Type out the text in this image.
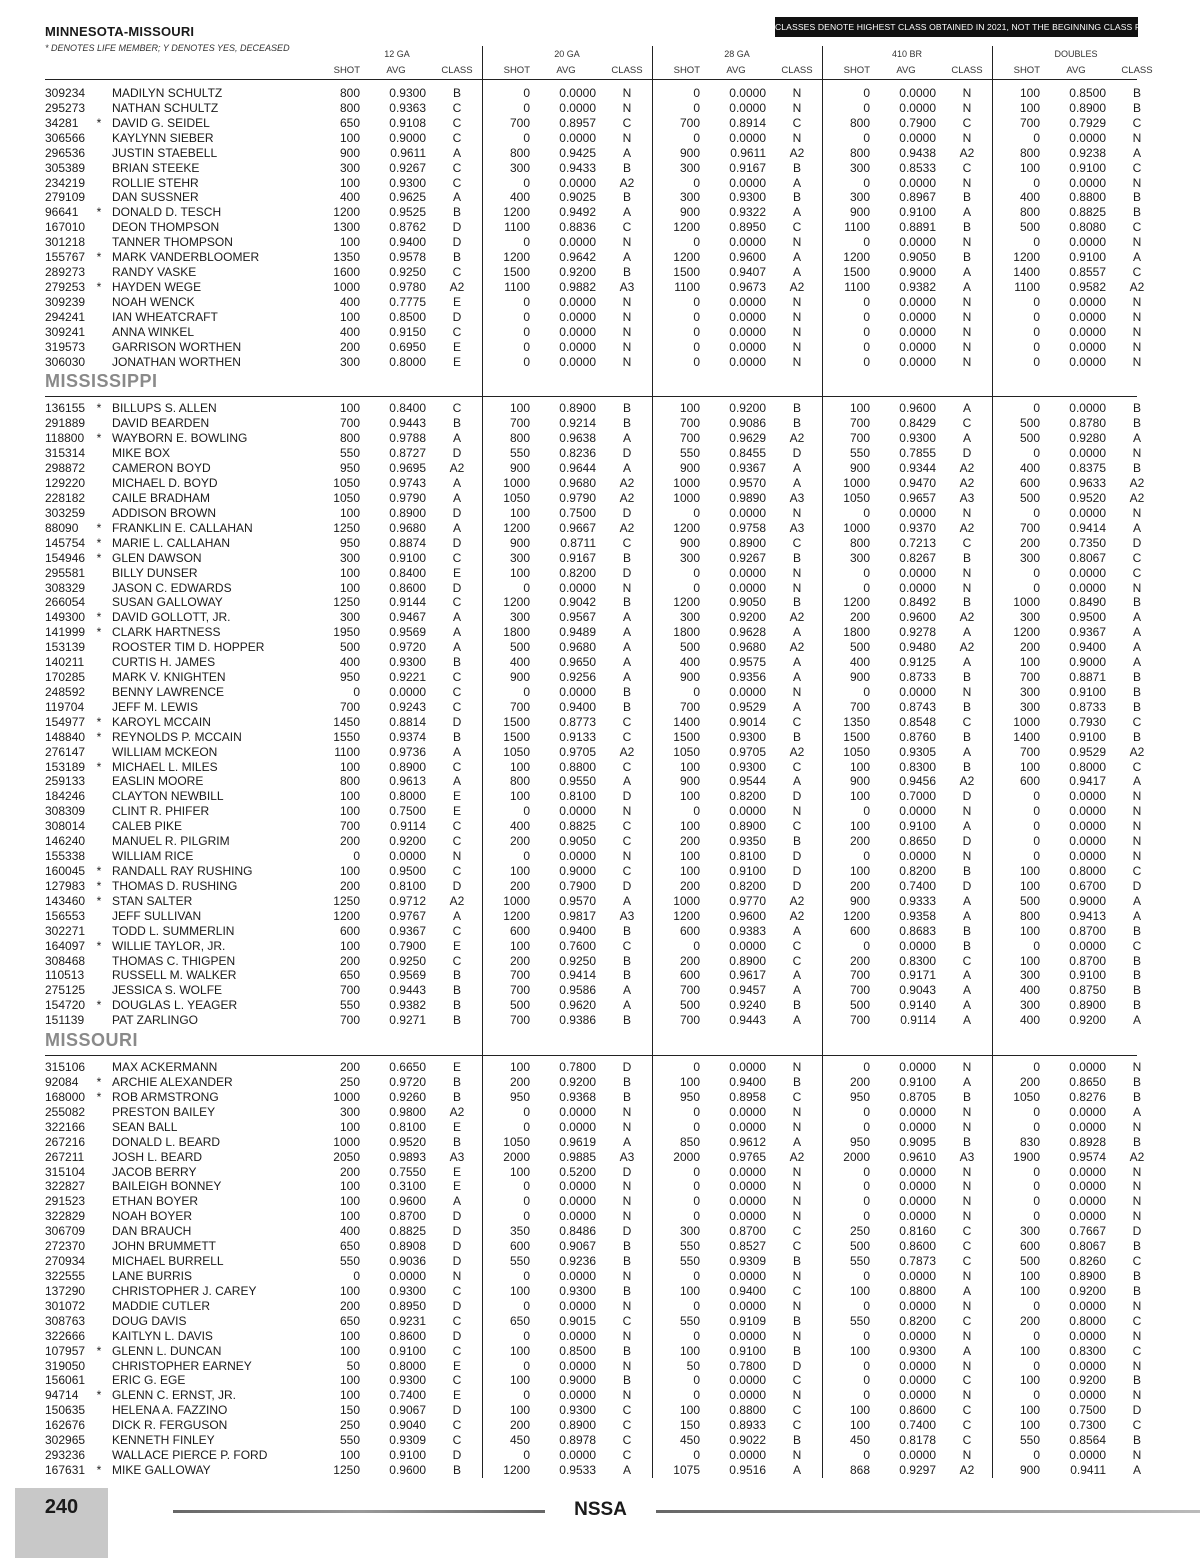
MINNESOTA-MISSOURI
* DENOTES LIFE MEMBER; Y DENOTES YES, DECEASED
CLASSES DENOTE HIGHEST CLASS OBTAINED IN 2021, NOT THE BEGINNING CLASS FOR 2022.
12 GA
SHOT	AVG	CLASS
20 GA
SHOT	AVG	CLASS
28 GA
SHOT	AVG	CLASS
410 BR
SHOT	AVG	CLASS
DOUBLES
SHOT	AVG	CLASS
309234 MADILYN SCHULTZ	800	0.9300	B	0	0.0000	N	0	0.0000	N	0	0.0000	N	100	0.8500	B
295273 NATHAN SCHULTZ	800	0.9363	C	0	0.0000	N	0	0.0000	N	0	0.0000	N	100	0.8900	B
34281 * DAVID G. SEIDEL	650	0.9108	C	700	0.8957	C	700	0.8914	C	800	0.7900	C	700	0.7929	C
306566 KAYLYNN SIEBER	100	0.9000	C	0	0.0000	N	0	0.0000	N	0	0.0000	N	0	0.0000	N
296536 JUSTIN STAEBELL	900	0.9611	A	800	0.9425	A	900	0.9611	A2	800	0.9438	A2	800	0.9238	A
305389 BRIAN STEEKE	300	0.9267	C	300	0.9433	B	300	0.9167	B	300	0.8533	C	100	0.9100	C
234219 ROLLIE STEHR	100	0.9300	C	0	0.0000	A2	0	0.0000	A	0	0.0000	N	0	0.0000	N
279109 DAN SUSSNER	400	0.9625	A	400	0.9025	B	300	0.9300	B	300	0.8967	B	400	0.8800	B
96641 * DONALD D. TESCH	1200	0.9525	B	1200	0.9492	A	900	0.9322	A	900	0.9100	A	800	0.8825	B
167010 DEON THOMPSON	1300	0.8762	D	1100	0.8836	C	1200	0.8950	C	1100	0.8891	B	500	0.8080	C
301218 TANNER THOMPSON	100	0.9400	D	0	0.0000	N	0	0.0000	N	0	0.0000	N	0	0.0000	N
155767 * MARK VANDERBLOOMER	1350	0.9578	B	1200	0.9642	A	1200	0.9600	A	1200	0.9050	B	1200	0.9100	A
289273 RANDY VASKE	1600	0.9250	C	1500	0.9200	B	1500	0.9407	A	1500	0.9000	A	1400	0.8557	C
279253 * HAYDEN WEGE	1000	0.9780	A2	1100	0.9882	A3	1100	0.9673	A2	1100	0.9382	A	1100	0.9582	A2
309239 NOAH WENCK	400	0.7775	E	0	0.0000	N	0	0.0000	N	0	0.0000	N	0	0.0000	N
294241 IAN WHEATCRAFT	100	0.8500	D	0	0.0000	N	0	0.0000	N	0	0.0000	N	0	0.0000	N
309241 ANNA WINKEL	400	0.9150	C	0	0.0000	N	0	0.0000	N	0	0.0000	N	0	0.0000	N
319573 GARRISON WORTHEN	200	0.6950	E	0	0.0000	N	0	0.0000	N	0	0.0000	N	0	0.0000	N
306030 JONATHAN WORTHEN	300	0.8000	E	0	0.0000	N	0	0.0000	N	0	0.0000	N	0	0.0000	N
MISSISSIPPI
136155 * BILLUPS S. ALLEN	100	0.8400	C	100	0.8900	B	100	0.9200	B	100	0.9600	A	0	0.0000	B
291889 DAVID BEARDEN	700	0.9443	B	700	0.9214	B	700	0.9086	B	700	0.8429	C	500	0.8780	B
118800 * WAYBORN E. BOWLING	800	0.9788	A	800	0.9638	A	700	0.9629	A2	700	0.9300	A	500	0.9280	A
315314 MIKE BOX	550	0.8727	D	550	0.8236	D	550	0.8455	D	550	0.7855	D	0	0.0000	N
298872 CAMERON BOYD	950	0.9695	A2	900	0.9644	A	900	0.9367	A	900	0.9344	A2	400	0.8375	B
129220 MICHAEL D. BOYD	1050	0.9743	A	1000	0.9680	A2	1000	0.9570	A	1000	0.9470	A2	600	0.9633	A2
228182 CAILE BRADHAM	1050	0.9790	A	1050	0.9790	A2	1000	0.9890	A3	1050	0.9657	A3	500	0.9520	A2
303259 ADDISON BROWN	100	0.8900	D	100	0.7500	D	0	0.0000	N	0	0.0000	N	0	0.0000	N
88090 * FRANKLIN E. CALLAHAN	1250	0.9680	A	1200	0.9667	A2	1200	0.9758	A3	1000	0.9370	A2	700	0.9414	A
145754 * MARIE L. CALLAHAN	950	0.8874	D	900	0.8711	C	900	0.8900	C	800	0.7213	C	200	0.7350	D
154946 * GLEN DAWSON	300	0.9100	C	300	0.9167	B	300	0.9267	B	300	0.8267	B	300	0.8067	C
295581 BILLY DUNSER	100	0.8400	E	100	0.8200	D	0	0.0000	N	0	0.0000	N	0	0.0000	C
308329 JASON C. EDWARDS	100	0.8600	D	0	0.0000	N	0	0.0000	N	0	0.0000	N	0	0.0000	N
266054 SUSAN GALLOWAY	1250	0.9144	C	1200	0.9042	B	1200	0.9050	B	1200	0.8492	B	1000	0.8490	B
149300 * DAVID GOLLOTT, JR.	300	0.9467	A	300	0.9567	A	300	0.9200	A2	200	0.9600	A2	300	0.9500	A
141999 * CLARK HARTNESS	1950	0.9569	A	1800	0.9489	A	1800	0.9628	A	1800	0.9278	A	1200	0.9367	A
153139 ROOSTER TIM D. HOPPER	500	0.9720	A	500	0.9680	A	500	0.9680	A2	500	0.9480	A2	200	0.9400	A
140211 CURTIS H. JAMES	400	0.9300	B	400	0.9650	A	400	0.9575	A	400	0.9125	A	100	0.9000	A
170285 MARK V. KNIGHTEN	950	0.9221	C	900	0.9256	A	900	0.9356	A	900	0.8733	B	700	0.8871	B
248592 BENNY LAWRENCE	0	0.0000	C	0	0.0000	B	0	0.0000	N	0	0.0000	N	300	0.9100	B
119704 JEFF M. LEWIS	700	0.9243	C	700	0.9400	B	700	0.9529	A	700	0.8743	B	300	0.8733	B
154977 * KAROYL MCCAIN	1450	0.8814	D	1500	0.8773	C	1400	0.9014	C	1350	0.8548	C	1000	0.7930	C
148840 * REYNOLDS P. MCCAIN	1550	0.9374	B	1500	0.9133	C	1500	0.9300	B	1500	0.8760	B	1400	0.9100	B
276147 WILLIAM MCKEON	1100	0.9736	A	1050	0.9705	A2	1050	0.9705	A2	1050	0.9305	A	700	0.9529	A2
153189 * MICHAEL L. MILES	100	0.8900	C	100	0.8800	C	100	0.9300	C	100	0.8300	B	100	0.8000	C
259133 EASLIN MOORE	800	0.9613	A	800	0.9550	A	900	0.9544	A	900	0.9456	A2	600	0.9417	A
184246 CLAYTON NEWBILL	100	0.8000	E	100	0.8100	D	100	0.8200	D	100	0.7000	D	0	0.0000	N
308309 CLINT R. PHIFER	100	0.7500	E	0	0.0000	N	0	0.0000	N	0	0.0000	N	0	0.0000	N
308014 CALEB PIKE	700	0.9114	C	400	0.8825	C	100	0.8900	C	100	0.9100	A	0	0.0000	N
146240 MANUEL R. PILGRIM	200	0.9200	C	200	0.9050	C	200	0.9350	B	200	0.8650	D	0	0.0000	N
155338 WILLIAM RICE	0	0.0000	N	0	0.0000	N	100	0.8100	D	0	0.0000	N	0	0.0000	N
160045 * RANDALL RAY RUSHING	100	0.9500	C	100	0.9000	C	100	0.9100	D	100	0.8200	B	100	0.8000	C
127983 * THOMAS D. RUSHING	200	0.8100	D	200	0.7900	D	200	0.8200	D	200	0.7400	D	100	0.6700	D
143460 * STAN SALTER	1250	0.9712	A2	1000	0.9570	A	1000	0.9770	A2	900	0.9333	A	500	0.9000	A
156553 JEFF SULLIVAN	1200	0.9767	A	1200	0.9817	A3	1200	0.9600	A2	1200	0.9358	A	800	0.9413	A
302271 TODD L. SUMMERLIN	600	0.9367	C	600	0.9400	B	600	0.9383	A	600	0.8683	B	100	0.8700	B
164097 * WILLIE TAYLOR, JR.	100	0.7900	E	100	0.7600	C	0	0.0000	C	0	0.0000	B	0	0.0000	C
308468 THOMAS C. THIGPEN	200	0.9250	C	200	0.9250	B	200	0.8900	C	200	0.8300	C	100	0.8700	B
110513 RUSSELL M. WALKER	650	0.9569	B	700	0.9414	B	600	0.9617	A	700	0.9171	A	300	0.9100	B
275125 JESSICA S. WOLFE	700	0.9443	B	700	0.9586	A	700	0.9457	A	700	0.9043	A	400	0.8750	B
154720 * DOUGLAS L. YEAGER	550	0.9382	B	500	0.9620	A	500	0.9240	B	500	0.9140	A	300	0.8900	B
151139 PAT ZARLINGO	700	0.9271	B	700	0.9386	B	700	0.9443	A	700	0.9114	A	400	0.9200	A
MISSOURI
315106 MAX ACKERMANN	200	0.6650	E	100	0.7800	D	0	0.0000	N	0	0.0000	N	0	0.0000	N
92084 * ARCHIE ALEXANDER	250	0.9720	B	200	0.9200	B	100	0.9400	B	200	0.9100	A	200	0.8650	B
168000 * ROB ARMSTRONG	1000	0.9260	B	950	0.9368	B	950	0.8958	C	950	0.8705	B	1050	0.8276	B
255082 PRESTON BAILEY	300	0.9800	A2	0	0.0000	N	0	0.0000	N	0	0.0000	N	0	0.0000	A
322166 SEAN BALL	100	0.8100	E	0	0.0000	N	0	0.0000	N	0	0.0000	N	0	0.0000	N
267216 DONALD L. BEARD	1000	0.9520	B	1050	0.9619	A	850	0.9612	A	950	0.9095	B	830	0.8928	B
267211 JOSH L. BEARD	2050	0.9893	A3	2000	0.9885	A3	2000	0.9765	A2	2000	0.9610	A3	1900	0.9574	A2
315104 JACOB BERRY	200	0.7550	E	100	0.5200	D	0	0.0000	N	0	0.0000	N	0	0.0000	N
322827 BAILEIGH BONNEY	100	0.3100	E	0	0.0000	N	0	0.0000	N	0	0.0000	N	0	0.0000	N
291523 ETHAN BOYER	100	0.9600	A	0	0.0000	N	0	0.0000	N	0	0.0000	N	0	0.0000	N
322829 NOAH BOYER	100	0.8700	D	0	0.0000	N	0	0.0000	N	0	0.0000	N	0	0.0000	N
306709 DAN BRAUCH	400	0.8825	D	350	0.8486	D	300	0.8700	C	250	0.8160	C	300	0.7667	D
272370 JOHN BRUMMETT	650	0.8908	D	600	0.9067	B	550	0.8527	C	500	0.8600	C	600	0.8067	B
270934 MICHAEL BURRELL	550	0.9036	D	550	0.9236	B	550	0.9309	B	550	0.7873	C	500	0.8260	C
322555 LANE BURRIS	0	0.0000	N	0	0.0000	N	0	0.0000	N	0	0.0000	N	100	0.8900	B
137290 CHRISTOPHER J. CAREY	100	0.9300	C	100	0.9300	B	100	0.9400	C	100	0.8800	A	100	0.9200	B
301072 MADDIE CUTLER	200	0.8950	D	0	0.0000	N	0	0.0000	N	0	0.0000	N	0	0.0000	N
308763 DOUG DAVIS	650	0.9231	C	650	0.9015	C	550	0.9109	B	550	0.8200	C	200	0.8000	C
322666 KAITLYN L. DAVIS	100	0.8600	D	0	0.0000	N	0	0.0000	N	0	0.0000	N	0	0.0000	N
107957 * GLENN L. DUNCAN	100	0.9100	C	100	0.8500	B	100	0.9100	B	100	0.9300	A	100	0.8300	C
319050 CHRISTOPHER EARNEY	50	0.8000	E	0	0.0000	N	50	0.7800	D	0	0.0000	N	0	0.0000	N
156061 ERIC G. EGE	100	0.9300	C	100	0.9000	B	0	0.0000	C	0	0.0000	C	100	0.9200	B
94714 * GLENN C. ERNST, JR.	100	0.7400	E	0	0.0000	N	0	0.0000	N	0	0.0000	N	0	0.0000	N
150635 HELENA A. FAZZINO	150	0.9067	D	100	0.9300	C	100	0.8800	C	100	0.8600	C	100	0.7500	D
162676 DICK R. FERGUSON	250	0.9040	C	200	0.8900	C	150	0.8933	C	100	0.7400	C	100	0.7300	C
302965 KENNETH FINLEY	550	0.9309	C	450	0.8978	C	450	0.9022	B	450	0.8178	C	550	0.8564	B
293236 WALLACE PIERCE P. FORD	100	0.9100	D	0	0.0000	C	0	0.0000	N	0	0.0000	N	0	0.0000	N
167631 * MIKE GALLOWAY	1250	0.9600	B	1200	0.9533	A	1075	0.9516	A	868	0.9297	A2	900	0.9411	A
240	NSSA
